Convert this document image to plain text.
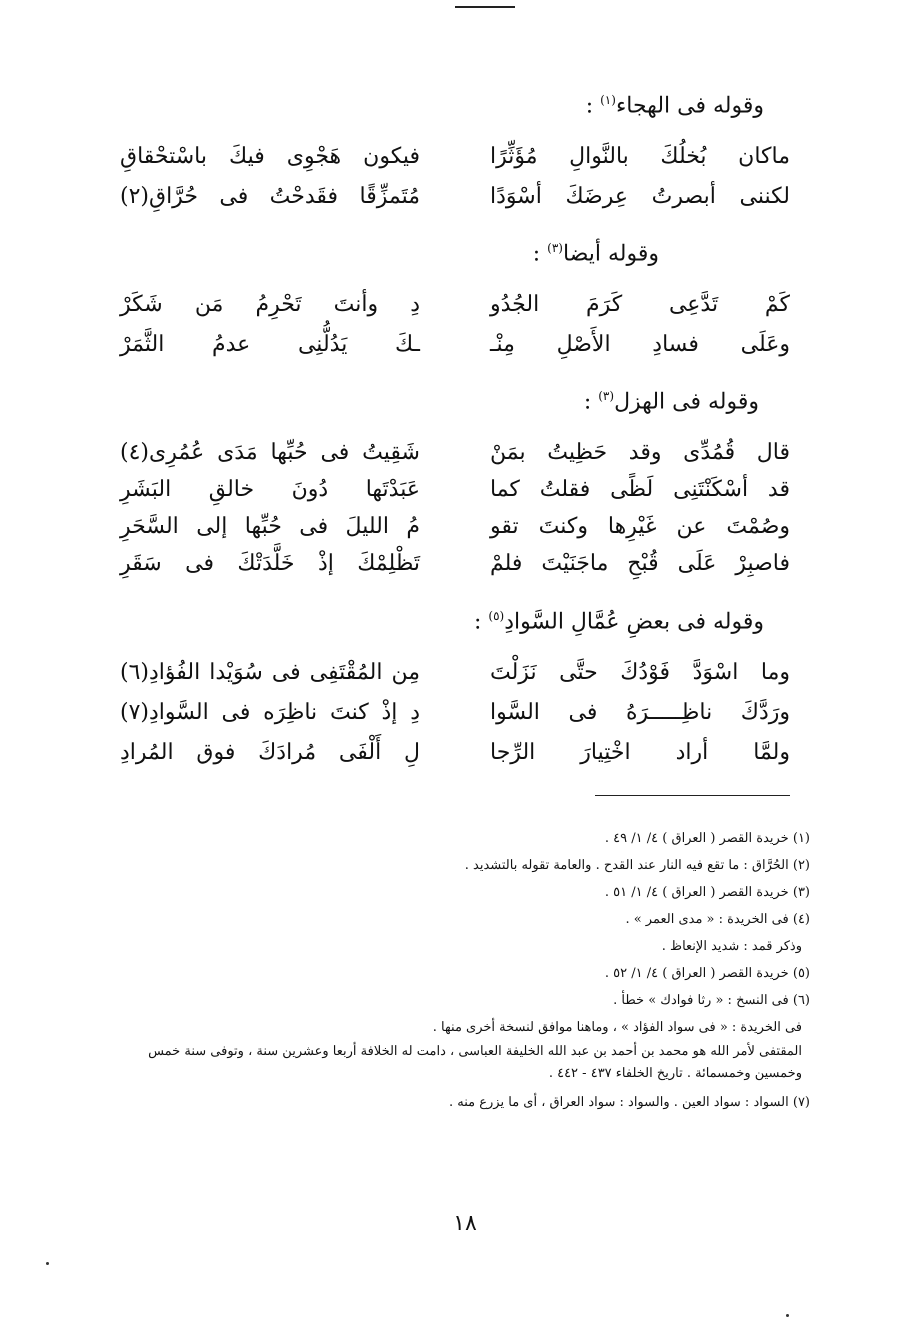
وقوله فى الهجاء$^{(١)}$ :
ماكان بُخلُكَ بالنَّوالِ مُؤَثِّرًا
فيكون هَجْوِى فيكَ باسْتحْقاقِ
لكننى أبصرتُ عِرضَكَ أسْوَدًا
مُتَمزِّقًا فقَدحْتُ فى حُرَّاقِ(٢)
وقوله أيضا$^{(٣)}$ :
كَمْ تَدَّعِى كَرَمَ الجُدُو
دِ وأنتَ تَحْرِمُ مَن شَكَرْ
وعَلَى فسادِ الأَصْلِ مِنْـ
ـكَ يَدُلُّنِى عدمُ الثَّمَرْ
وقوله فى الهزل$^{(٣)}$ :
قال قُمُدِّى وقد حَظِيتُ بمَنْ
شَقِيتُ فى حُبِّها مَدَى عُمُرِى(٤)
قد أسْكَنْتَنِى لَظًى فقلتُ كما
عَبَدْتَها دُونَ خالقِ البَشَرِ
وصُمْتَ عن غَيْرِها وكنتَ تقو
مُ الليلَ فى حُبِّها إلى السَّحَرِ
فاصبِرْ عَلَى قُبْحِ ماجَنَيْتَ فلمْ
تَظْلِمْكَ إذْ خَلَّدَتْكَ فى سَقَرِ
وقوله فى بعضِ عُمَّالِ السَّوادِ$^{(٥)}$ :
وما اسْوَدَّ فَوْدُكَ حتَّى نَزَلْتَ
مِن المُقْتَفِى فى سُوَيْدا الفُؤادِ(٦)
ورَدَّكَ ناظِـــــرَهُ فى السَّوا
دِ إذْ كنتَ ناظِرَه فى السَّوادِ(٧)
ولمَّا أراد اخْتِيارَ الرِّجا
لِ أَلْفَى مُرادَكَ فوق المُرادِ
(١) خريدة القصر ( العراق ) ٤/ ١/ ٤٩ .
(٢) الحُرَّاق : ما تقع فيه النار عند القدح . والعامة تقوله بالتشديد .
(٣) خريدة القصر ( العراق ) ٤/ ١/ ٥١ .
(٤) فى الخريدة : « مدى العمر » .
وذكر قمد : شديد الإنعاظ .
(٥) خريدة القصر ( العراق ) ٤/ ١/ ٥٢ .
(٦) فى النسخ : « رثا فوادك » خطأ .
فى الخريدة : « فى سواد الفؤاد » ، وماهنا موافق لنسخة أخرى منها .
المقتفى لأمر الله هو محمد بن أحمد بن عبد الله الخليفة العباسى ، دامت له الخلافة أربعا وعشرين سنة ، وتوفى سنة خمس وخمسين وخمسمائة . تاريخ الخلفاء ٤٣٧ - ٤٤٢ .
(٧) السواد : سواد العين . والسواد : سواد العراق ، أى ما يزرع منه .
١٨
